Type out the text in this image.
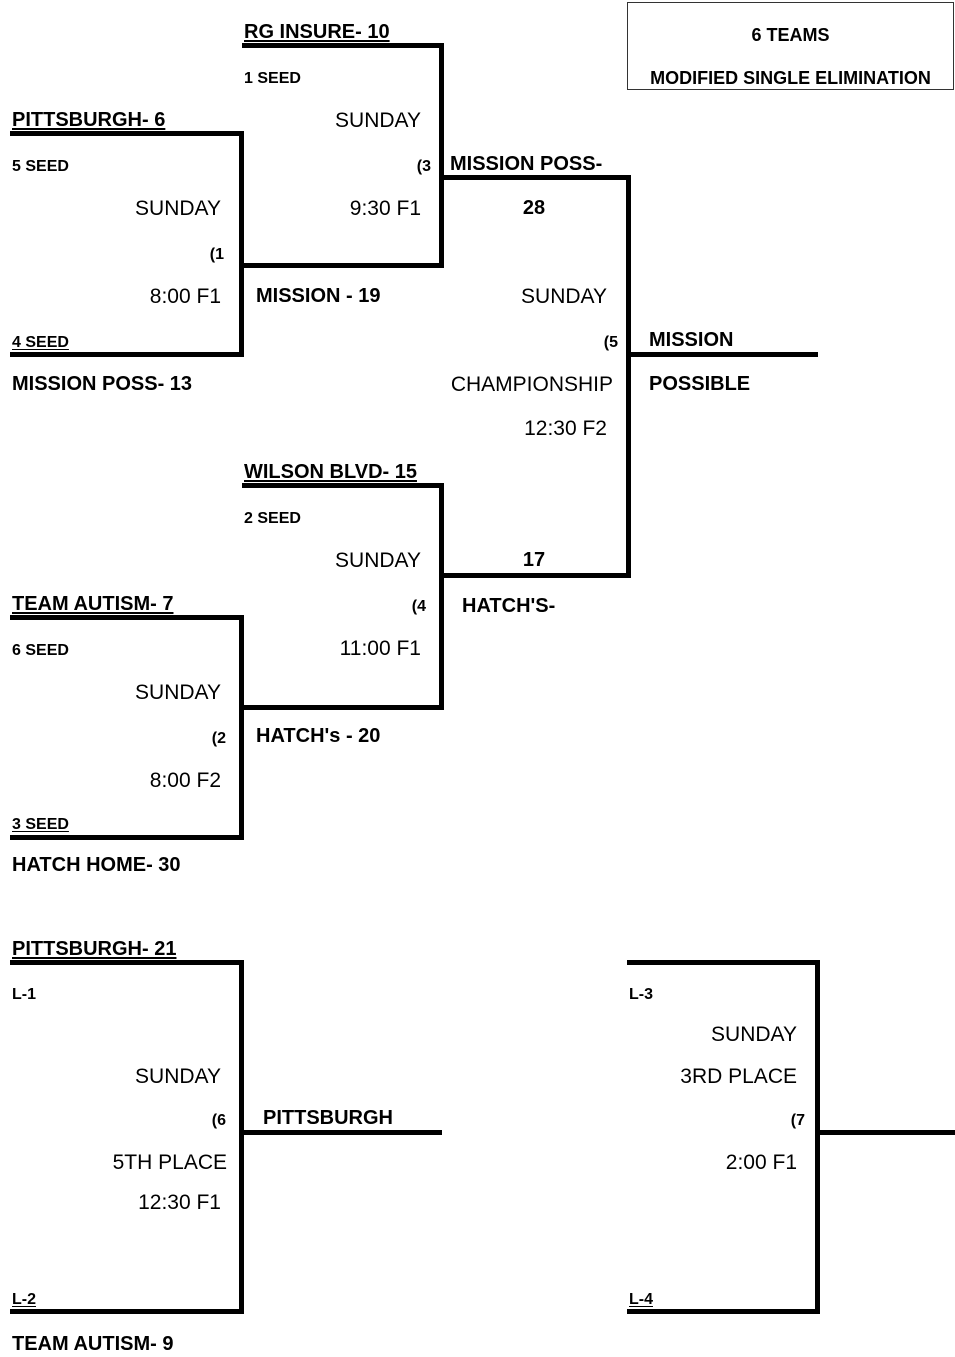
6 TEAMS
MODIFIED SINGLE ELIMINATION
PITTSBURGH- 6
5 SEED
SUNDAY
(1
8:00 F1
4 SEED
MISSION POSS- 13
MISSION - 19
RG INSURE- 10
1 SEED
SUNDAY
(3
9:30 F1
MISSION POSS-
28
SUNDAY
(5
CHAMPIONSHIP
12:30 F2
MISSION
POSSIBLE
WILSON BLVD- 15
2 SEED
SUNDAY
(4
11:00 F1
17
HATCH'S-
TEAM AUTISM- 7
6 SEED
SUNDAY
(2
8:00 F2
3 SEED
HATCH HOME- 30
HATCH's - 20
PITTSBURGH- 21
L-1
SUNDAY
(6
5TH PLACE
12:30 F1
L-2
TEAM AUTISM- 9
PITTSBURGH
L-3
SUNDAY
3RD PLACE
(7
2:00 F1
L-4
